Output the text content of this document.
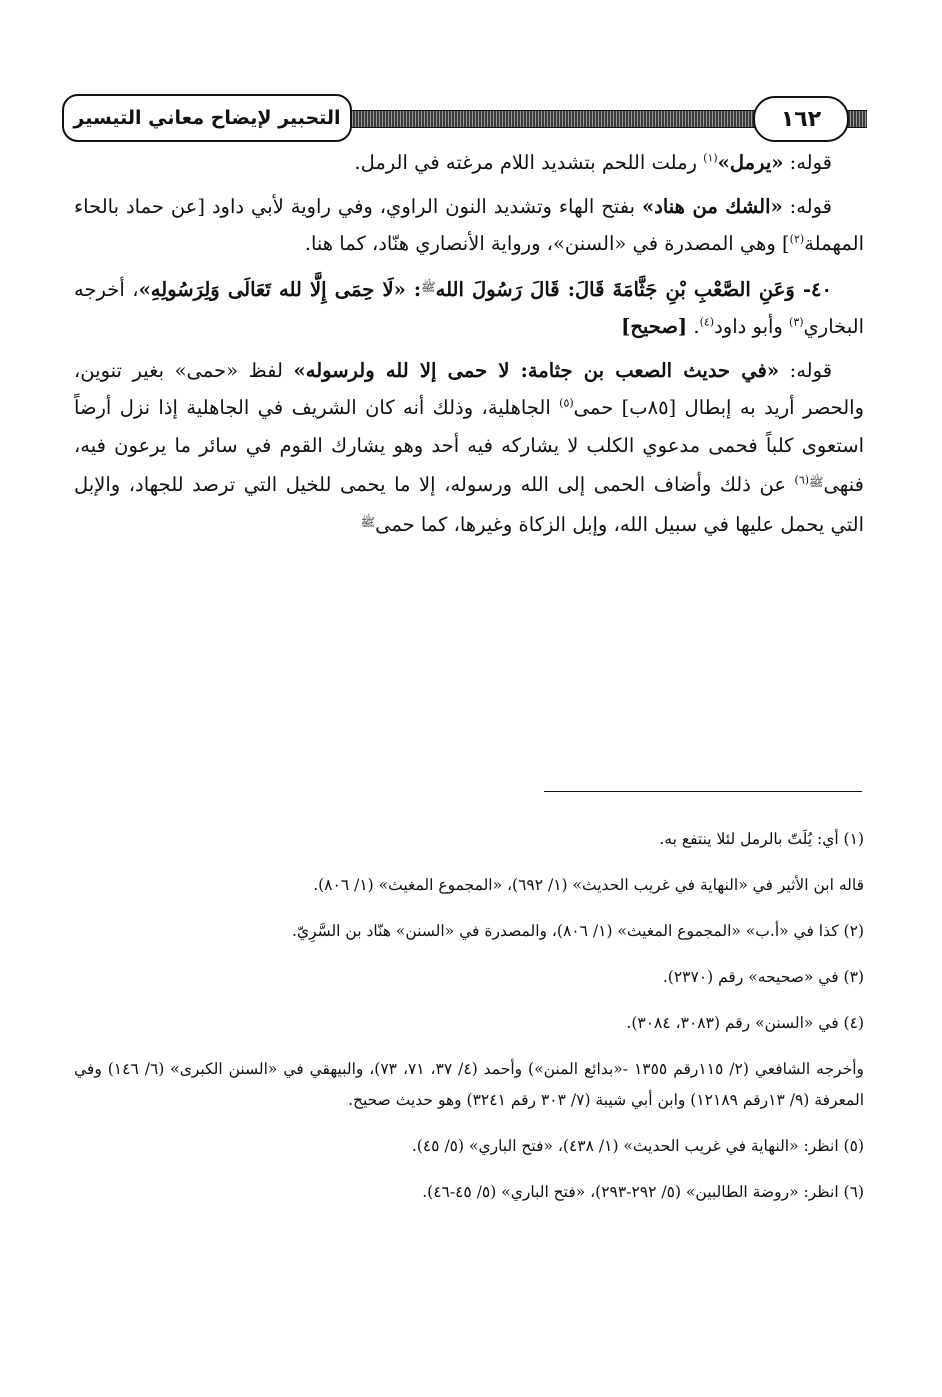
١٦٢
التحبير لإيضاح معاني التيسير

قوله: «يرمل»$^{(١)}$ رملت اللحم بتشديد اللام مرغته في الرمل.

قوله: «الشك من هناد» بفتح الهاء وتشديد النون الراوي، وفي راوية لأبي داود [عن حماد بالحاء المهملة$^{(٢)}$] وهي المصدرة في «السنن»، ورواية الأنصاري هنّاد، كما هنا.

٤٠- وَعَنِ الصَّعْبِ بْنِ جَثَّامَةَ قَالَ: قَالَ رَسُولَ الله$^ﷺ$: «لَا حِمَى إِلَّا لله تَعَالَى وَلِرَسُولِهِ»، أخرجه البخاري$^{(٣)}$ وأبو داود$^{(٤)}$. [صحيح]

قوله: «في حديث الصعب بن جثامة: لا حمى إلا لله ولرسوله» لفظ «حمى» بغير تنوين، والحصر أريد به إبطال [٨٥ب] حمى$^{(٥)}$ الجاهلية، وذلك أنه كان الشريف في الجاهلية إذا نزل أرضاً استعوى كلباً فحمى مدعوي الكلب لا يشاركه فيه أحد وهو يشارك القوم في سائر ما يرعون فيه، فنهى$^{ﷺ(٦)}$ عن ذلك وأضاف الحمى إلى الله ورسوله، إلا ما يحمى للخيل التي ترصد للجهاد، والإبل التي يحمل عليها في سبيل الله، وإبل الزكاة وغيرها، كما حمى$^ﷺ$

(١) أي: يُلَتّ بالرمل لئلا ينتفع به.

قاله ابن الأثير في «النهاية في غريب الحديث» (١/ ٦٩٢)، «المجموع المغيث» (١/ ٨٠٦).

(٢) كذا في «أ.ب» «المجموع المغيث» (١/ ٨٠٦)، والمصدرة في «السنن» هنّاد بن السَّرِيّ.

(٣) في «صحيحه» رقم (٢٣٧٠).

(٤) في «السنن» رقم (٣٠٨٣، ٣٠٨٤).

وأخرجه الشافعي (٢/ ١١٥رقم ١٣٥٥ -«بدائع المنن») وأحمد (٤/ ٣٧، ٧١، ٧٣)، والبيهقي في «السنن الكبرى» (٦/ ١٤٦) وفي المعرفة (٩/ ١٣رقم ١٢١٨٩) وابن أبي شيبة (٧/ ٣٠٣ رقم ٣٢٤١) وهو حديث صحيح.

(٥) انظر: «النهاية في غريب الحديث» (١/ ٤٣٨)، «فتح الباري» (٥/ ٤٥).

(٦) انظر: «روضة الطالبين» (٥/ ٢٩٢-٢٩٣)، «فتح الباري» (٥/ ٤٥-٤٦).
